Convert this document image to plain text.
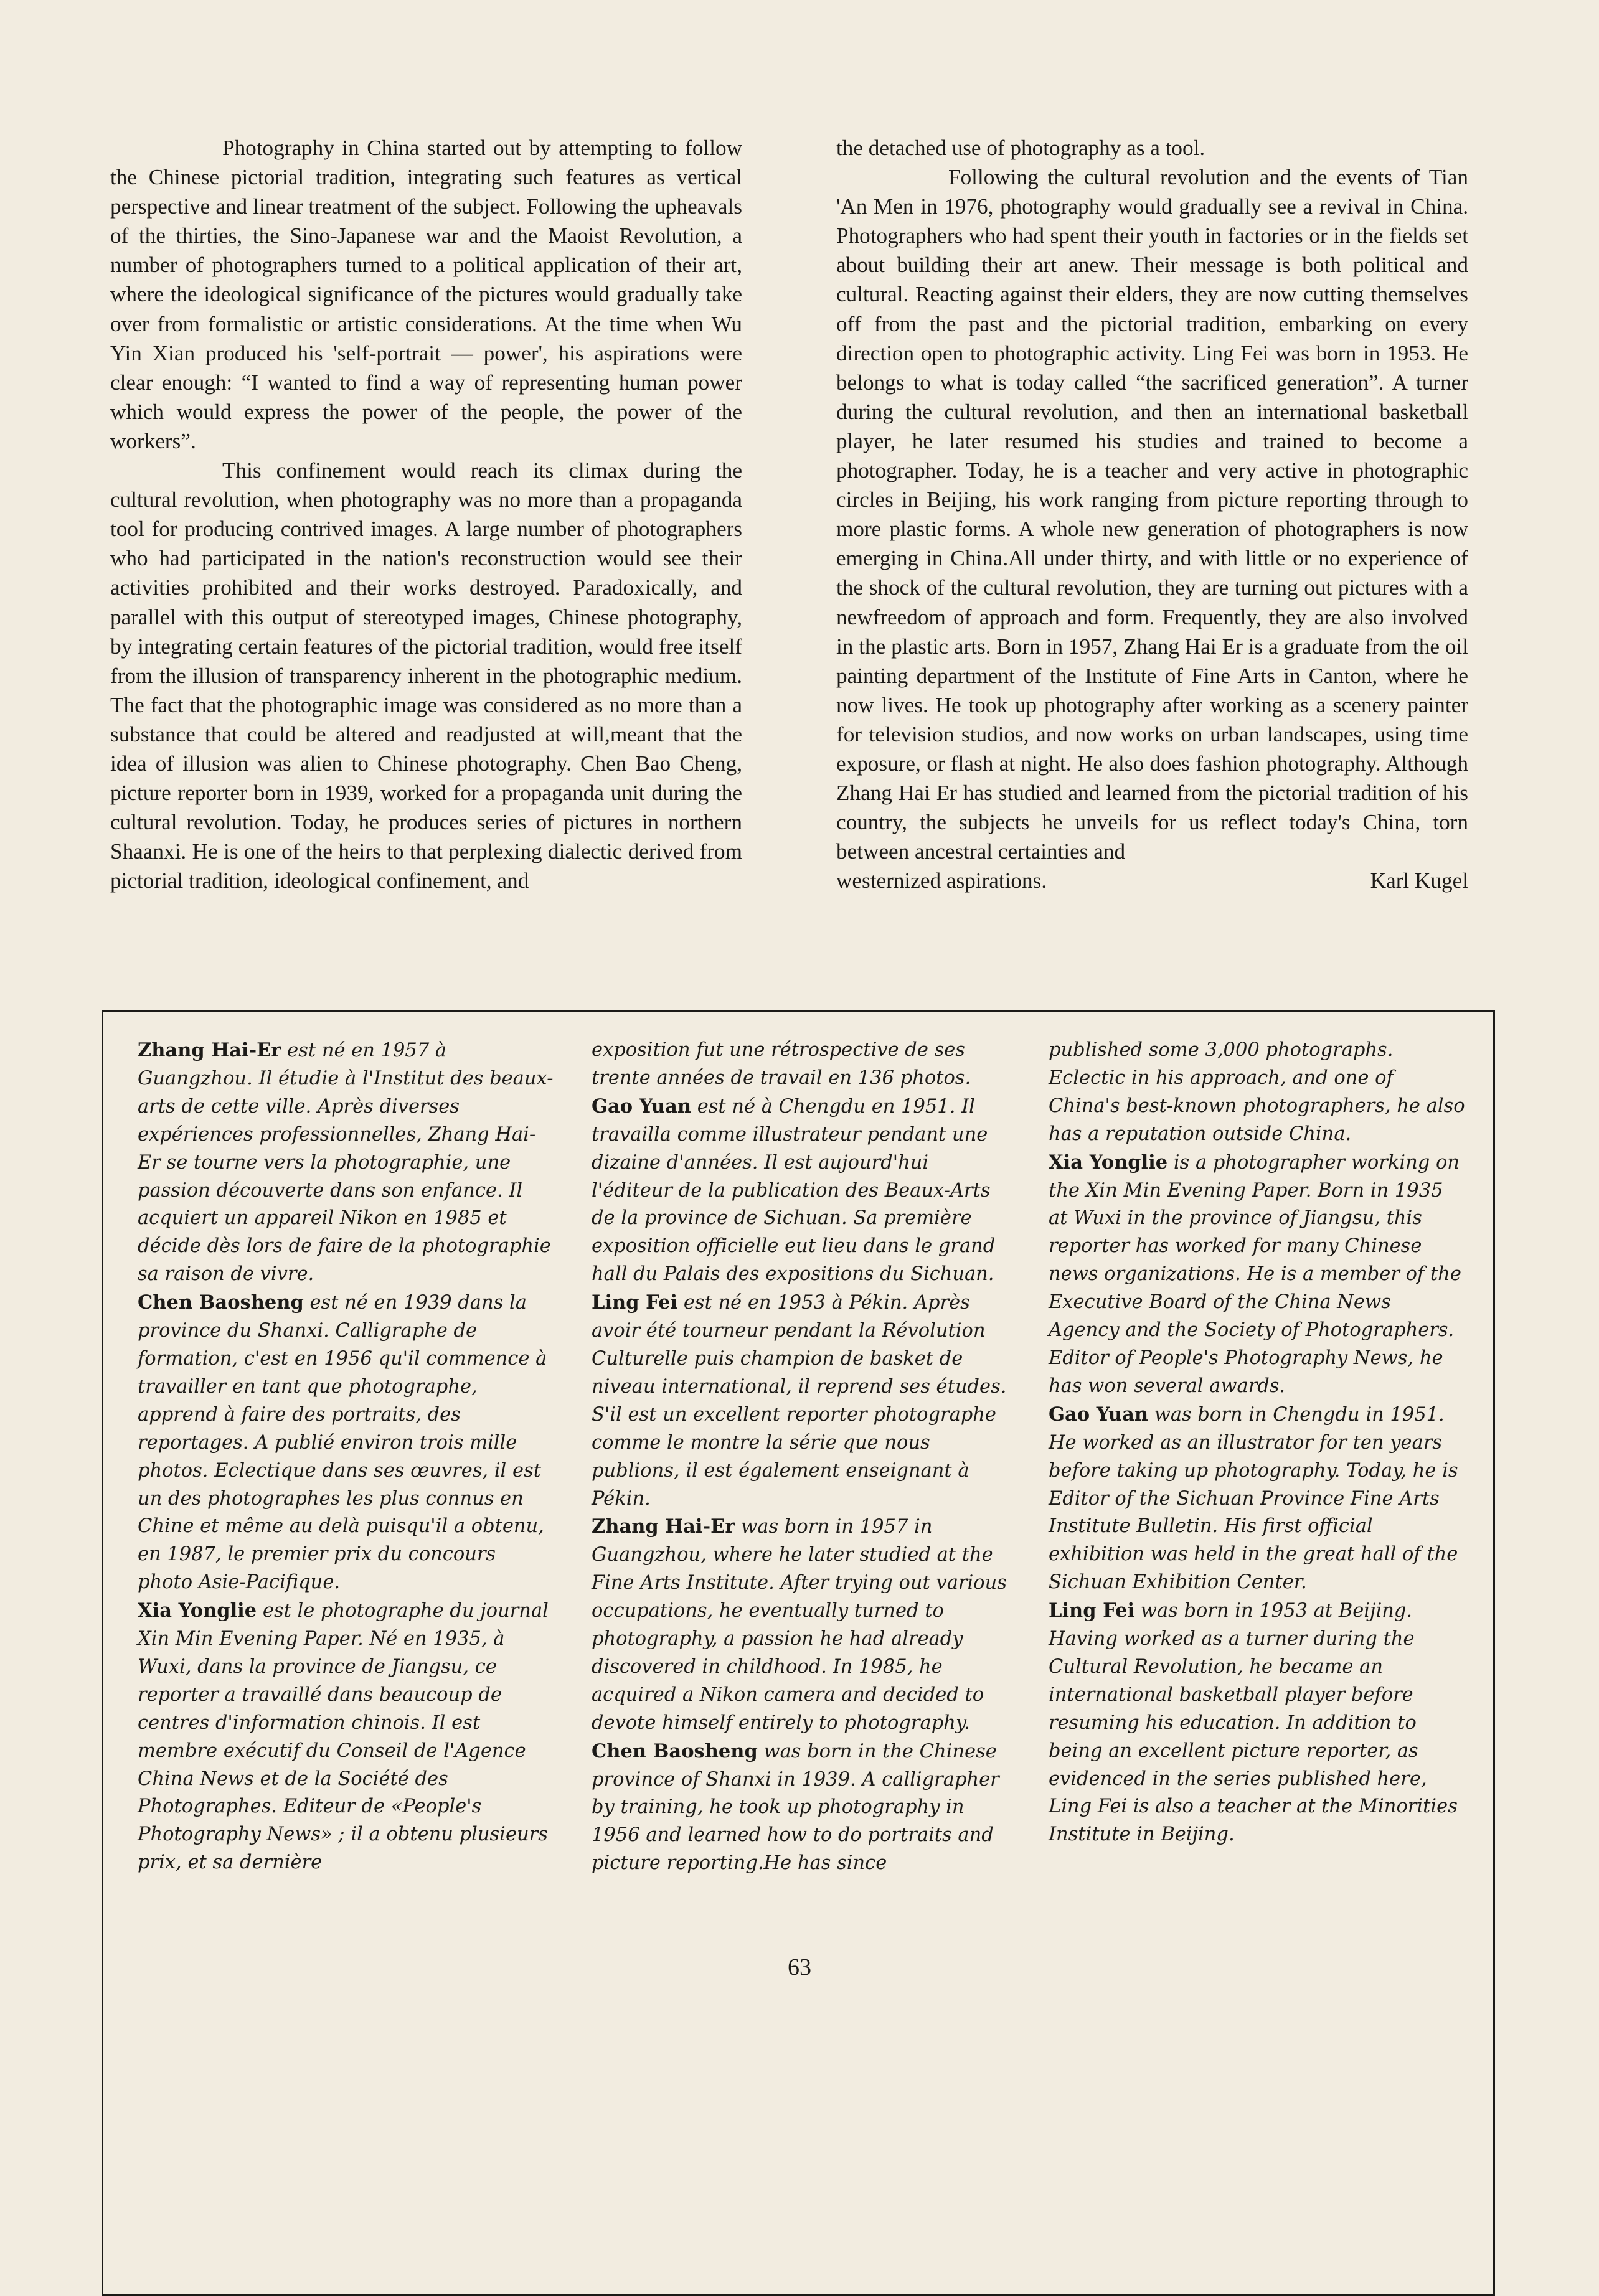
Photography in China started out by attempting to follow the Chinese pictorial tradition, integrating such features as vertical perspective and linear treatment of the subject. Following the upheavals of the thirties, the Sino-Japanese war and the Maoist Revolution, a number of photographers turned to a political application of their art, where the ideological significance of the pictures would gradually take over from formalistic or artistic considerations. At the time when Wu Yin Xian produced his 'self-portrait — power', his aspirations were clear enough: “I wanted to find a way of representing human power which would express the power of the people, the power of the workers”.

This confinement would reach its climax during the cultural revolution, when photography was no more than a propaganda tool for producing contrived images. A large number of photographers who had participated in the nation's reconstruction would see their activities prohibited and their works destroyed. Paradoxically, and parallel with this output of stereotyped images, Chinese photography, by integrating certain features of the pictorial tradition, would free itself from the illusion of transparency inherent in the photographic medium. The fact that the photographic image was considered as no more than a substance that could be altered and readjusted at will,meant that the idea of illusion was alien to Chinese photography. Chen Bao Cheng, picture reporter born in 1939, worked for a propaganda unit during the cultural revolution. Today, he produces series of pictures in northern Shaanxi. He is one of the heirs to that perplexing dialectic derived from pictorial tradition, ideological confinement, and

the detached use of photography as a tool.

Following the cultural revolution and the events of Tian 'An Men in 1976, photography would gradually see a revival in China. Photographers who had spent their youth in factories or in the fields set about building their art anew. Their message is both political and cultural. Reacting against their elders, they are now cutting themselves off from the past and the pictorial tradition, embarking on every direction open to photographic activity. Ling Fei was born in 1953. He belongs to what is today called “the sacrificed generation”. A turner during the cultural revolution, and then an international basketball player, he later resumed his studies and trained to become a photographer. Today, he is a teacher and very active in photographic circles in Beijing, his work ranging from picture reporting through to more plastic forms. A whole new generation of photographers is now emerging in China.All under thirty, and with little or no experience of the shock of the cultural revolution, they are turning out pictures with a newfreedom of approach and form. Frequently, they are also involved in the plastic arts. Born in 1957, Zhang Hai Er is a graduate from the oil painting department of the Institute of Fine Arts in Canton, where he now lives. He took up photography after working as a scenery painter for television studios, and now works on urban landscapes, using time exposure, or flash at night. He also does fashion photography. Although Zhang Hai Er has studied and learned from the pictorial tradition of his country, the subjects he unveils for us reflect today's China, torn between ancestral certainties and

westernized aspirations.	Karl Kugel

Zhang Hai-Er est né en 1957 à Guangzhou. Il étudie à l'Institut des beaux-arts de cette ville. Après diverses expériences professionnelles, Zhang Hai-Er se tourne vers la photographie, une passion découverte dans son enfance. Il acquiert un appareil Nikon en 1985 et décide dès lors de faire de la photographie sa raison de vivre.

Chen Baosheng est né en 1939 dans la province du Shanxi. Calligraphe de formation, c'est en 1956 qu'il commence à travailler en tant que photographe, apprend à faire des portraits, des reportages. A publié environ trois mille photos. Eclectique dans ses œuvres, il est un des photographes les plus connus en Chine et même au delà puisqu'il a obtenu, en 1987, le premier prix du concours photo Asie-Pacifique.

Xia Yonglie est le photographe du journal Xin Min Evening Paper. Né en 1935, à Wuxi, dans la province de Jiangsu, ce reporter a travaillé dans beaucoup de centres d'information chinois. Il est membre exécutif du Conseil de l'Agence China News et de la Société des Photographes. Editeur de «People's Photography News» ; il a obtenu plusieurs prix, et sa dernière

exposition fut une rétrospective de ses trente années de travail en 136 photos.

Gao Yuan est né à Chengdu en 1951. Il travailla comme illustrateur pendant une dizaine d'années. Il est aujourd'hui l'éditeur de la publication des Beaux-Arts de la province de Sichuan. Sa première exposition officielle eut lieu dans le grand hall du Palais des expositions du Sichuan.

Ling Fei est né en 1953 à Pékin. Après avoir été tourneur pendant la Révolution Culturelle puis champion de basket de niveau international, il reprend ses études. S'il est un excellent reporter photographe comme le montre la série que nous publions, il est également enseignant à Pékin.

Zhang Hai-Er was born in 1957 in Guangzhou, where he later studied at the Fine Arts Institute. After trying out various occupations, he eventually turned to photography, a passion he had already discovered in childhood. In 1985, he acquired a Nikon camera and decided to devote himself entirely to photography.

Chen Baosheng was born in the Chinese province of Shanxi in 1939. A calligrapher by training, he took up photography in 1956 and learned how to do portraits and picture reporting.He has since

published some 3,000 photographs. Eclectic in his approach, and one of China's best-known photographers, he also has a reputation outside China.

Xia Yonglie is a photographer working on the Xin Min Evening Paper. Born in 1935 at Wuxi in the province of Jiangsu, this reporter has worked for many Chinese news organizations. He is a member of the Executive Board of the China News Agency and the Society of Photographers. Editor of People's Photography News, he has won several awards.

Gao Yuan was born in Chengdu in 1951. He worked as an illustrator for ten years before taking up photography. Today, he is Editor of the Sichuan Province Fine Arts Institute Bulletin. His first official exhibition was held in the great hall of the Sichuan Exhibition Center.

Ling Fei was born in 1953 at Beijing. Having worked as a turner during the Cultural Revolution, he became an international basketball player before resuming his education. In addition to being an excellent picture reporter, as evidenced in the series published here, Ling Fei is also a teacher at the Minorities Institute in Beijing.

63
